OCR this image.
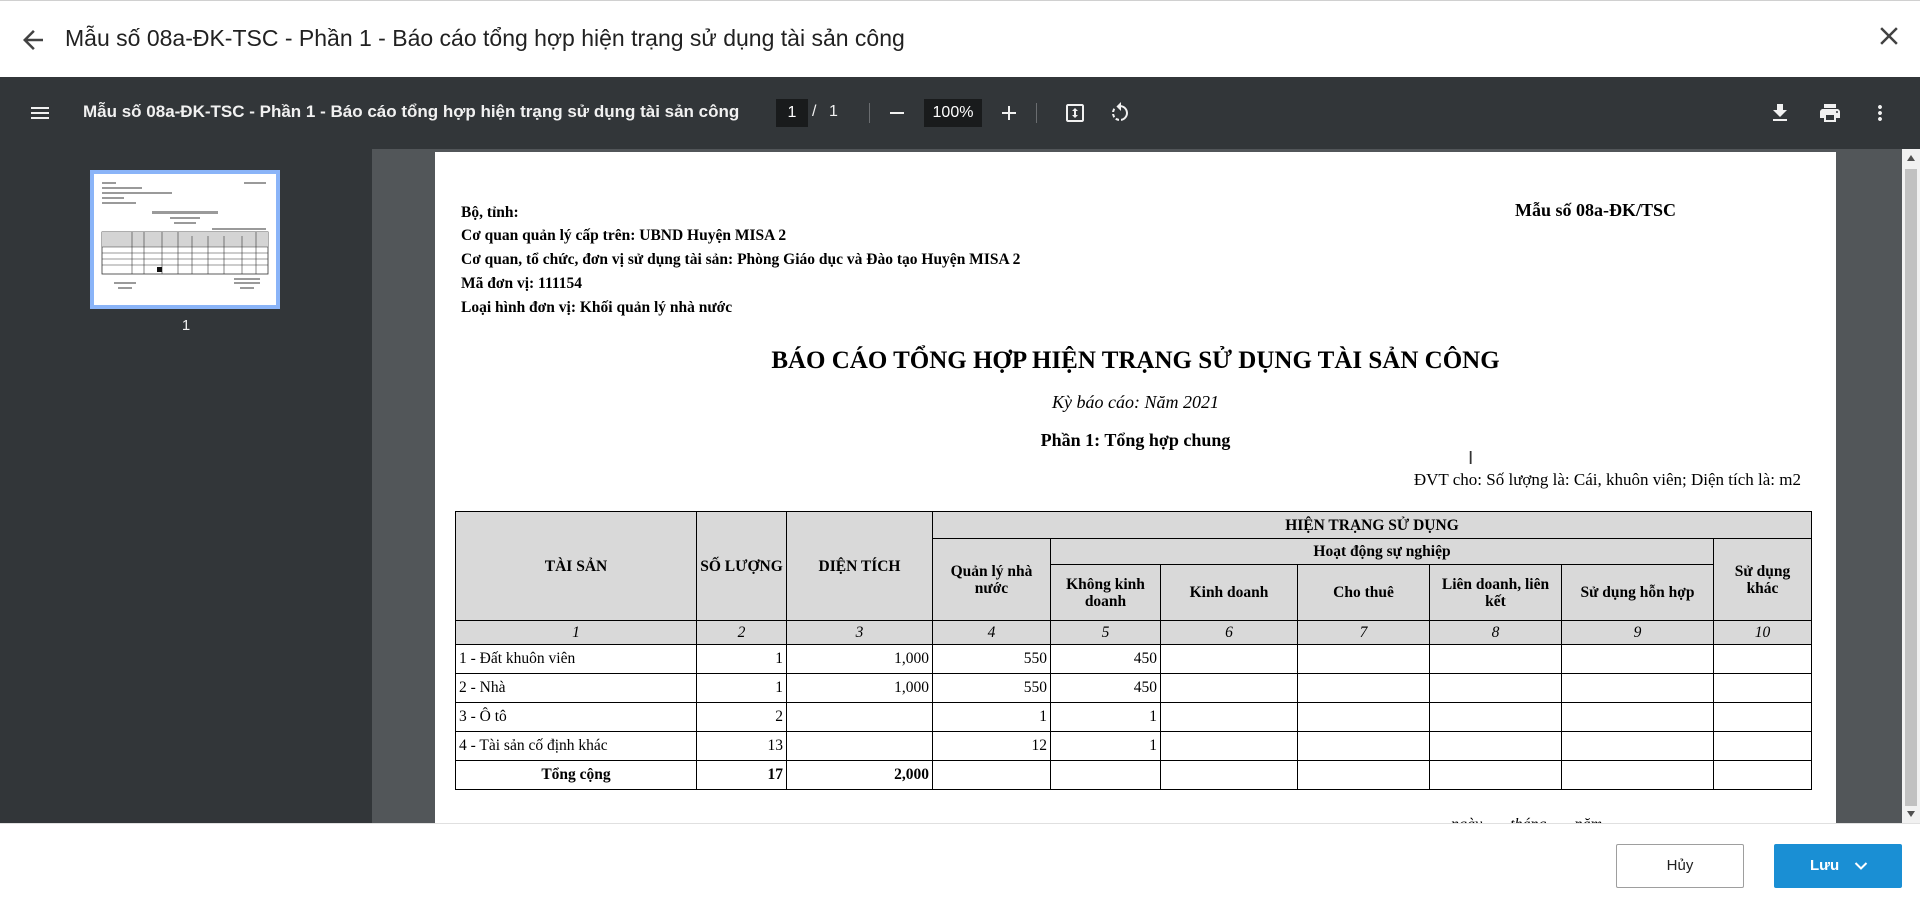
Mẫu số 08a-ĐK-TSC - Phần 1 - Báo cáo tổng hợp hiện trạng sử dụng tài sản công
Mẫu số 08a-ĐK-TSC - Phần 1 - Báo cáo tổng hợp hiện trạng sử dụng tài sản công	1 / 1	100%
1
Bộ, tỉnh:
Cơ quan quản lý cấp trên: UBND Huyện MISA 2
Cơ quan, tổ chức, đơn vị sử dụng tài sản: Phòng Giáo dục và Đào tạo Huyện MISA 2
Mã đơn vị: 111154
Loại hình đơn vị: Khối quản lý nhà nước
Mẫu số 08a-ĐK/TSC
BÁO CÁO TỔNG HỢP HIỆN TRẠNG SỬ DỤNG TÀI SẢN CÔNG
Kỳ báo cáo: Năm 2021
Phần 1: Tổng hợp chung
I
ĐVT cho: Số lượng là: Cái, khuôn viên; Diện tích là: m2
TÀI SẢN	SỐ LƯỢNG	DIỆN TÍCH	HIỆN TRẠNG SỬ DỤNG						
			Quản lý nhà nước	Hoạt động sự nghiệp					Sử dụng khác
				Không kinh doanh	Kinh doanh	Cho thuê	Liên doanh, liên kết	Sử dụng hỗn hợp	
1	2	3	4	5	6	7	8	9	10
1 - Đất khuôn viên	1	1,000	550	450					
2 - Nhà	1	1,000	550	450					
3 - Ô tô	2		1	1					
4 - Tài sản cố định khác	13		12	1					
Tổng cộng	17	2,000							
Hủy	Lưu
